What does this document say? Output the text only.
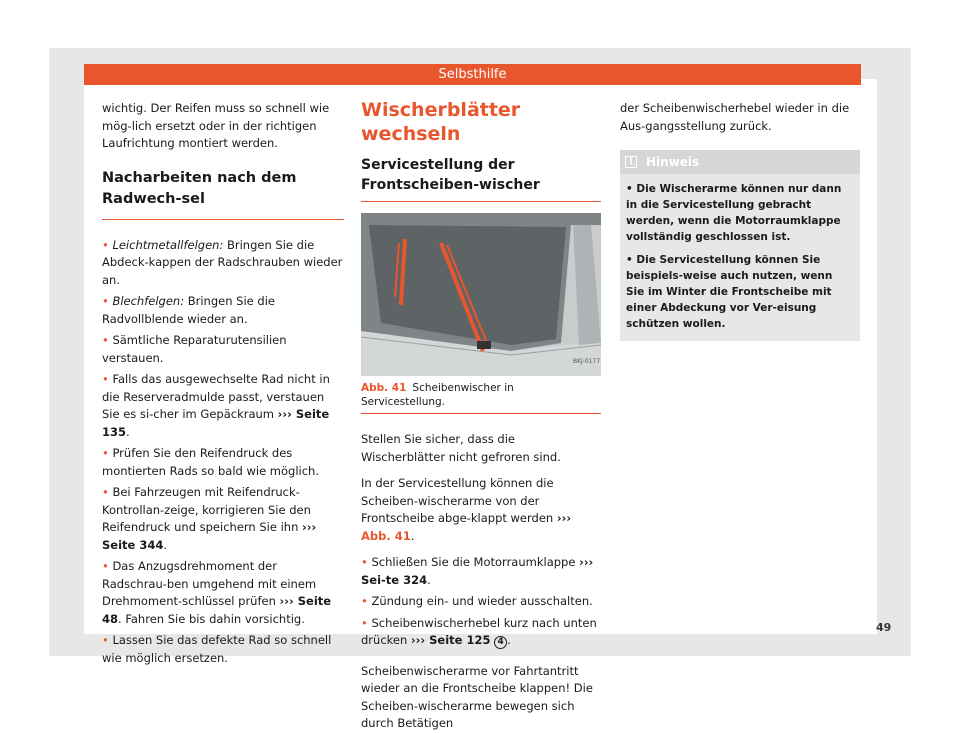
Selbsthilfe

wichtig. Der Reifen muss so schnell wie mög-lich ersetzt oder in der richtigen Laufrichtung montiert werden.

Nacharbeiten nach dem Radwech-sel

• Leichtmetallfelgen: Bringen Sie die Abdeck-kappen der Radschrauben wieder an.

• Blechfelgen: Bringen Sie die Radvollblende wieder an.

• Sämtliche Reparaturutensilien verstauen.

• Falls das ausgewechselte Rad nicht in die Reserveradmulde passt, verstauen Sie es si-cher im Gepäckraum ››› Seite 135.

• Prüfen Sie den Reifendruck des montierten Rads so bald wie möglich.

• Bei Fahrzeugen mit Reifendruck-Kontrollan-zeige, korrigieren Sie den Reifendruck und speichern Sie ihn ››› Seite 344.

• Das Anzugsdrehmoment der Radschrau-ben umgehend mit einem Drehmoment-schlüssel prüfen ››› Seite 48. Fahren Sie bis dahin vorsichtig.

• Lassen Sie das defekte Rad so schnell wie möglich ersetzen.

Wischerblätter wechseln
Servicestellung der Frontscheiben-wischer
BKJ-0177
Abb. 41 Scheibenwischer in Servicestellung.

Stellen Sie sicher, dass die Wischerblätter nicht gefroren sind.

In der Servicestellung können die Scheiben-wischerarme von der Frontscheibe abge-klappt werden ››› Abb. 41.

• Schließen Sie die Motorraumklappe ››› Sei-te 324.

• Zündung ein- und wieder ausschalten.

• Scheibenwischerhebel kurz nach unten drücken ››› Seite 125 4 .

Scheibenwischerarme vor Fahrtantritt wieder an die Frontscheibe klappen! Die Scheiben-wischerarme bewegen sich durch Betätigen

der Scheibenwischerhebel wieder in die Aus-gangsstellung zurück.

i	Hinweis

• Die Wischerarme können nur dann in die Servicestellung gebracht werden, wenn die Motorraumklappe vollständig geschlossen ist.

• Die Servicestellung können Sie beispiels-weise auch nutzen, wenn Sie im Winter die Frontscheibe mit einer Abdeckung vor Ver-eisung schützen wollen.

49
